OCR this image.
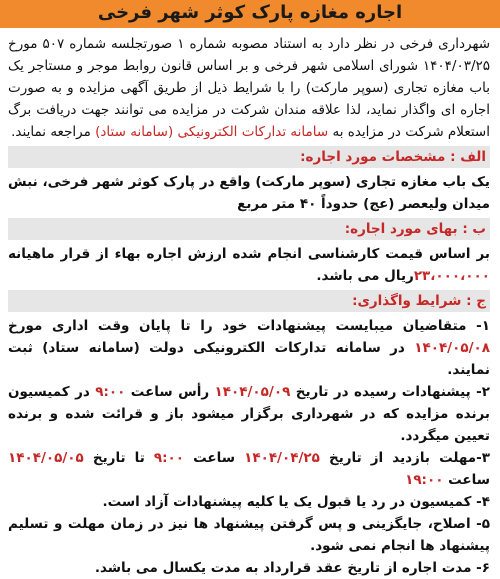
اجاره مغازه پارک کوثر شهر فرخی

شهرداری فرخی در نظر دارد به استناد مصوبه شماره ۱ صورتجلسه شماره ۵۰۷ مورخ ۱۴۰۴/۰۳/۲۵ شورای اسلامی شهر فرخی و بر اساس قانون روابط موجر و مستاجر یک باب مغازه تجاری (سوپر مارکت) را با شرایط ذیل از طریق آگهی مزایده و به صورت اجاره ای واگذار نماید، لذا علاقه مندان شرکت در مزایده می توانند جهت دریافت برگ استعلام شرکت در مزایده به سامانه تدارکات الکترونیکی (سامانه ستاد) مراجعه نمایند.

الف : مشخصات مورد اجاره:

یک باب مغازه تجاری (سوپر مارکت) واقع در پارک کوثر شهر فرخی، نبش میدان ولیعصر (عج) حدوداً ۴۰ متر مربع

ب : بهای مورد اجاره:

بر اساس قیمت کارشناسی انجام شده ارزش اجاره بهاء از قرار ماهیانه ۲۳،۰۰۰،۰۰۰ریال می باشد.

ج : شرایط واگذاری:

۱- متقاضیان میبایست پیشنهادات خود را تا پایان وقت اداری مورخ ۱۴۰۴/۰۵/۰۸ در سامانه تدارکات الکترونیکی دولت (سامانه ستاد) ثبت نمایند.

۲- پیشنهادات رسیده در تاریخ ۱۴۰۴/۰۵/۰۹ رأس ساعت ۹:۰۰ در کمیسیون برنده مزایده که در شهرداری برگزار میشود باز و قرائت شده و برنده تعیین میگردد.

۳-مهلت بازدید از تاریخ ۱۴۰۴/۰۴/۲۵ ساعت ۹:۰۰ تا تاریخ ۱۴۰۴/۰۵/۰۵ ساعت ۱۹:۰۰

۴- کمیسیون در رد یا قبول یک یا کلیه پیشنهادات آزاد است.

۵- اصلاح، جایگزینی و پس گرفتن پیشنهاد ها نیز در زمان مهلت و تسلیم پیشنهاد ها انجام نمی شود.

۶- مدت اجاره از تاریخ عقد قرارداد به مدت یکسال می باشد.
